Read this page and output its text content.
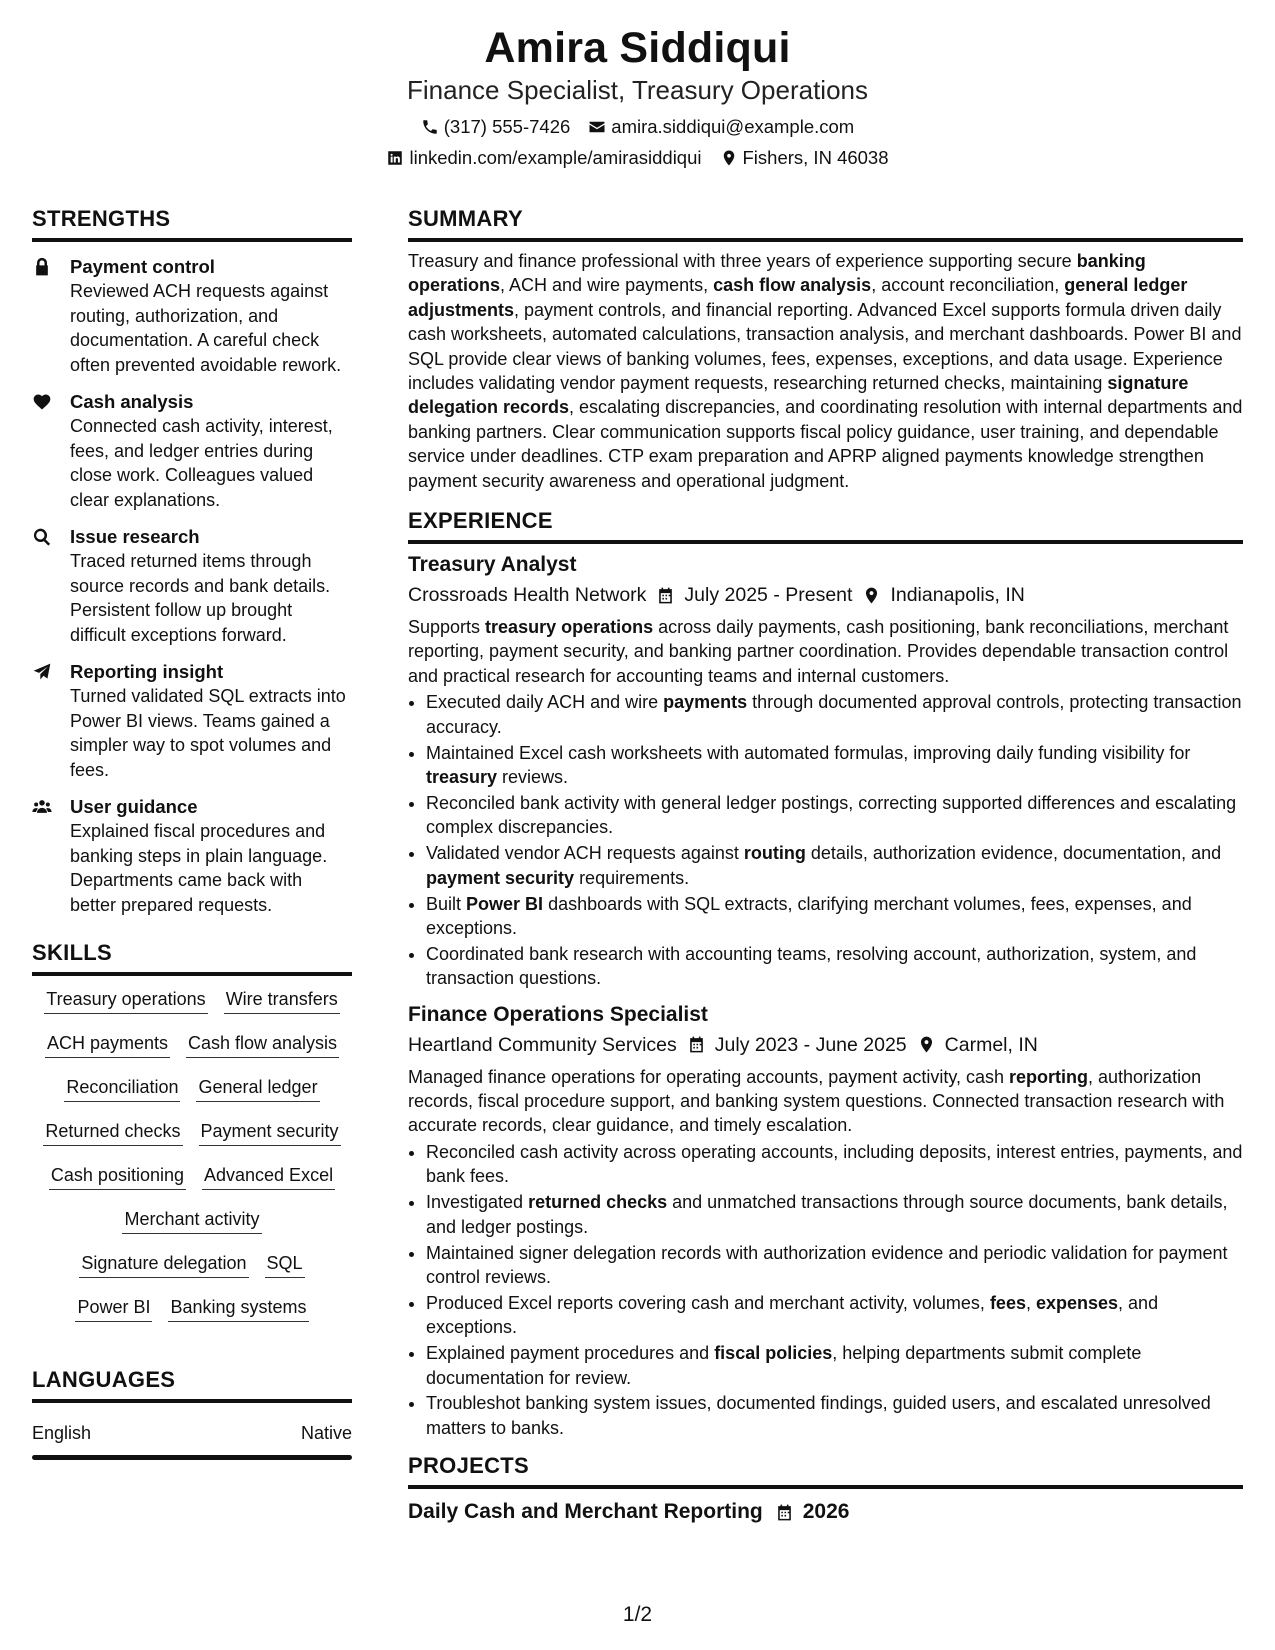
Amira Siddiqui
Finance Specialist, Treasury Operations
(317) 555-7426 amira.siddiqui@example.com
linkedin.com/example/amirasiddiqui Fishers, IN 46038
STRENGTHS
Payment control
Reviewed ACH requests against routing, authorization, and documentation. A careful check often prevented avoidable rework.
Cash analysis
Connected cash activity, interest, fees, and ledger entries during close work. Colleagues valued clear explanations.
Issue research
Traced returned items through source records and bank details. Persistent follow up brought difficult exceptions forward.
Reporting insight
Turned validated SQL extracts into Power BI views. Teams gained a simpler way to spot volumes and fees.
User guidance
Explained fiscal procedures and banking steps in plain language. Departments came back with better prepared requests.
SKILLS
Treasury operations Wire transfers
ACH payments Cash flow analysis
Reconciliation General ledger
Returned checks Payment security
Cash positioning Advanced Excel
Merchant activity
Signature delegation SQL
Power BI Banking systems
LANGUAGES
English	Native
SUMMARY
Treasury and finance professional with three years of experience supporting secure banking operations, ACH and wire payments, cash flow analysis, account reconciliation, general ledger adjustments, payment controls, and financial reporting. Advanced Excel supports formula driven daily cash worksheets, automated calculations, transaction analysis, and merchant dashboards. Power BI and SQL provide clear views of banking volumes, fees, expenses, exceptions, and data usage. Experience includes validating vendor payment requests, researching returned checks, maintaining signature delegation records, escalating discrepancies, and coordinating resolution with internal departments and banking partners. Clear communication supports fiscal policy guidance, user training, and dependable service under deadlines. CTP exam preparation and APRP aligned payments knowledge strengthen payment security awareness and operational judgment.
EXPERIENCE
Treasury Analyst
Crossroads Health Network July 2025 - Present Indianapolis, IN
Supports treasury operations across daily payments, cash positioning, bank reconciliations, merchant reporting, payment security, and banking partner coordination. Provides dependable transaction control and practical research for accounting teams and internal customers.
• Executed daily ACH and wire payments through documented approval controls, protecting transaction accuracy.
• Maintained Excel cash worksheets with automated formulas, improving daily funding visibility for treasury reviews.
• Reconciled bank activity with general ledger postings, correcting supported differences and escalating complex discrepancies.
• Validated vendor ACH requests against routing details, authorization evidence, documentation, and payment security requirements.
• Built Power BI dashboards with SQL extracts, clarifying merchant volumes, fees, expenses, and exceptions.
• Coordinated bank research with accounting teams, resolving account, authorization, system, and transaction questions.
Finance Operations Specialist
Heartland Community Services July 2023 - June 2025 Carmel, IN
Managed finance operations for operating accounts, payment activity, cash reporting, authorization records, fiscal procedure support, and banking system questions. Connected transaction research with accurate records, clear guidance, and timely escalation.
• Reconciled cash activity across operating accounts, including deposits, interest entries, payments, and bank fees.
• Investigated returned checks and unmatched transactions through source documents, bank details, and ledger postings.
• Maintained signer delegation records with authorization evidence and periodic validation for payment control reviews.
• Produced Excel reports covering cash and merchant activity, volumes, fees, expenses, and exceptions.
• Explained payment procedures and fiscal policies, helping departments submit complete documentation for review.
• Troubleshot banking system issues, documented findings, guided users, and escalated unresolved matters to banks.
PROJECTS
Daily Cash and Merchant Reporting 2026
1/2
